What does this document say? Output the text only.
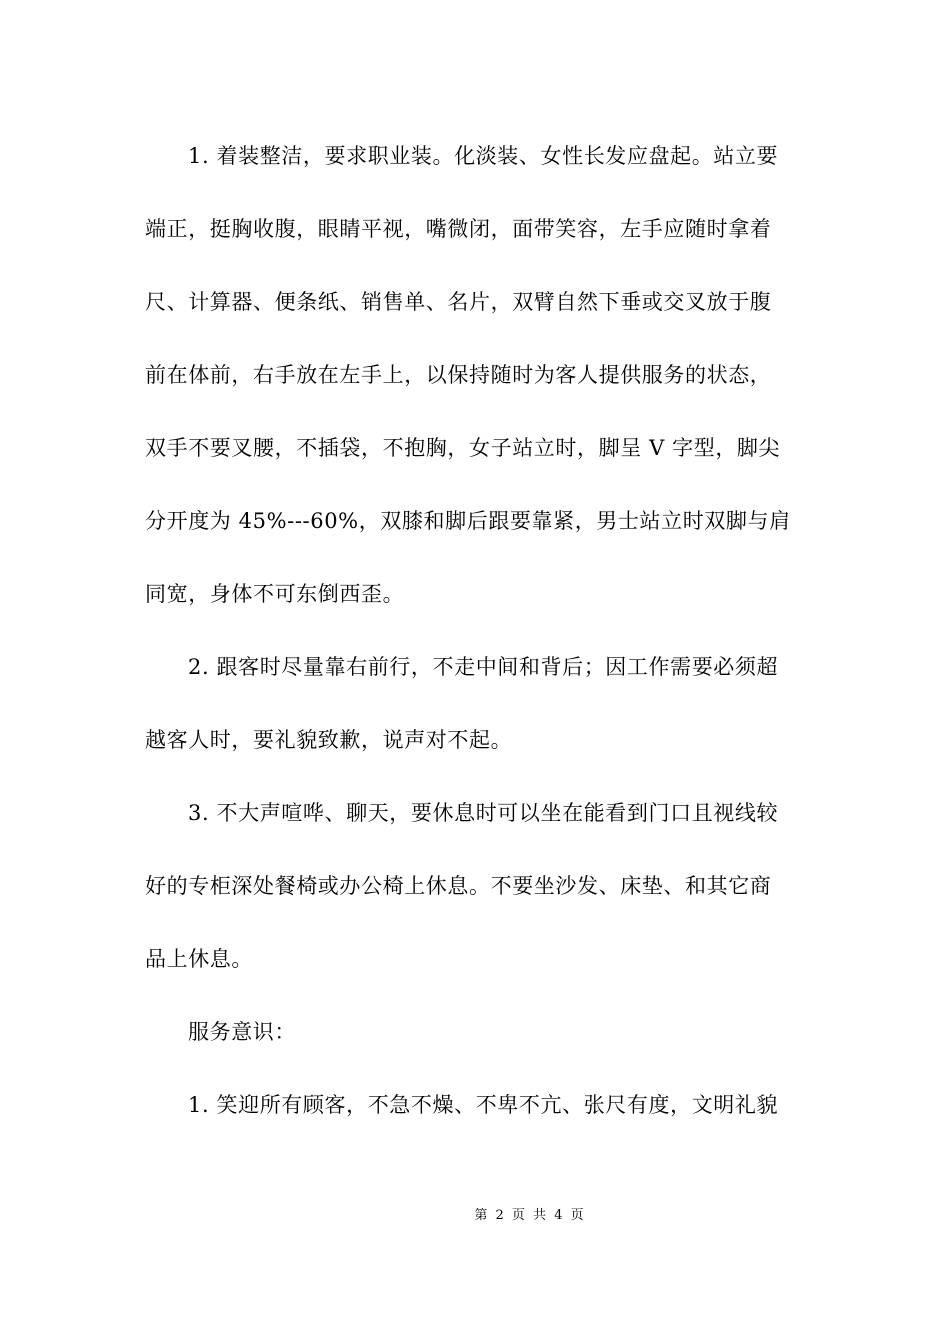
1. 着装整洁，要求职业装。化淡装、女性长发应盘起。站立要
端正，挺胸收腹，眼睛平视，嘴微闭，面带笑容，左手应随时拿着
尺、计算器、便条纸、销售单、名片，双臂自然下垂或交叉放于腹
前在体前，右手放在左手上，以保持随时为客人提供服务的状态，
双手不要叉腰，不插袋，不抱胸，女子站立时，脚呈 V 字型，脚尖
分开度为 45%---60%，双膝和脚后跟要靠紧，男士站立时双脚与肩
同宽，身体不可东倒西歪。
2. 跟客时尽量靠右前行，不走中间和背后；因工作需要必须超
越客人时，要礼貌致歉，说声对不起。
3. 不大声喧哗、聊天，要休息时可以坐在能看到门口且视线较
好的专柜深处餐椅或办公椅上休息。不要坐沙发、床垫、和其它商
品上休息。
服务意识：
1. 笑迎所有顾客，不急不燥、不卑不亢、张尺有度，文明礼貌
第 2 页 共 4 页
